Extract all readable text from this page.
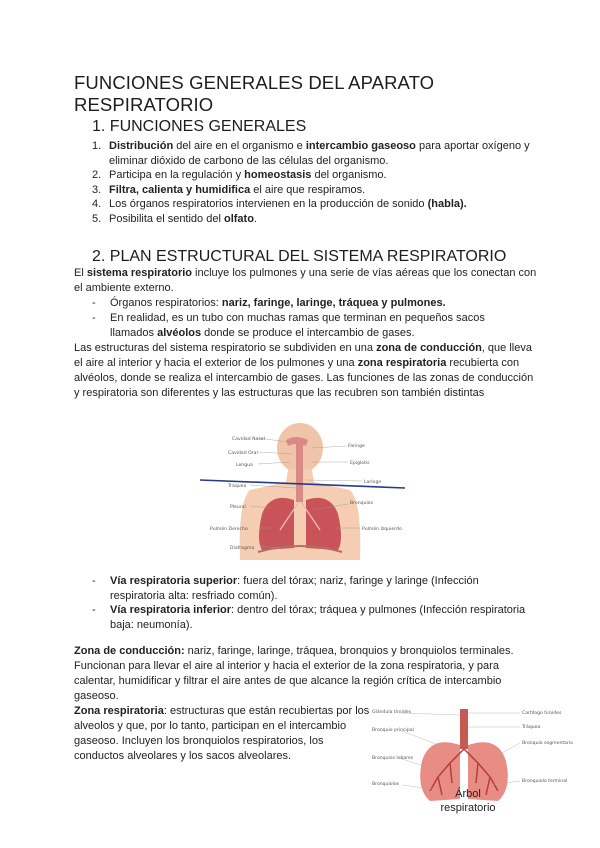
FUNCIONES GENERALES DEL APARATO RESPIRATORIO
1. FUNCIONES GENERALES
1. Distribución del aire en el organismo e intercambio gaseoso para aportar oxígeno y eliminar dióxido de carbono de las células del organismo.
2. Participa en la regulación y homeostasis del organismo.
3. Filtra, calienta y humidifica el aire que respiramos.
4. Los órganos respiratorios intervienen en la producción de sonido (habla).
5. Posibilita el sentido del olfato.
2. PLAN ESTRUCTURAL DEL SISTEMA RESPIRATORIO
El sistema respiratorio incluye los pulmones y una serie de vías aéreas que los conectan con el ambiente externo.
- Órganos respiratorios: nariz, faringe, laringe, tráquea y pulmones.
- En realidad, es un tubo con muchas ramas que terminan en pequeños sacos llamados alvéolos donde se produce el intercambio de gases.
Las estructuras del sistema respiratorio se subdividen en una zona de conducción, que lleva el aire al interior y hacia el exterior de los pulmones y una zona respiratoria recubierta con alvéolos, donde se realiza el intercambio de gases. Las funciones de las zonas de conducción y respiratoria son diferentes y las estructuras que las recubren son también distintas
Cavidad Nasal
Cavidad Oral
Lengua
Tráquea
Pleural
Pulmón Derecho
Diafragma
Faringe
Epíglotis
Laringe
Bronquios
Pulmón Izquierdo
- Vía respiratoria superior: fuera del tórax; nariz, faringe y laringe (Infección respiratoria alta: resfriado común).
- Vía respiratoria inferior: dentro del tórax; tráquea y pulmones (Infección respiratoria baja: neumonía).
Zona de conducción: nariz, faringe, laringe, tráquea, bronquios y bronquiolos terminales.
Funcionan para llevar el aire al interior y hacia el exterior de la zona respiratoria, y para calentar, humidificar y filtrar el aire antes de que alcance la región crítica de intercambio gaseoso.
Zona respiratoria: estructuras que están recubiertas por los alveolos y que, por lo tanto, participan en el intercambio gaseoso. Incluyen los bronquiolos respiratorios, los conductos alveolares y los sacos alveolares.
Glándula tiroides
Bronquio principal
Bronquios lobares
Bronquiolos
Cartílago tiroides
Tráquea
Bronquio segmentario
Bronquiolo terminal
Árbol respiratorio
